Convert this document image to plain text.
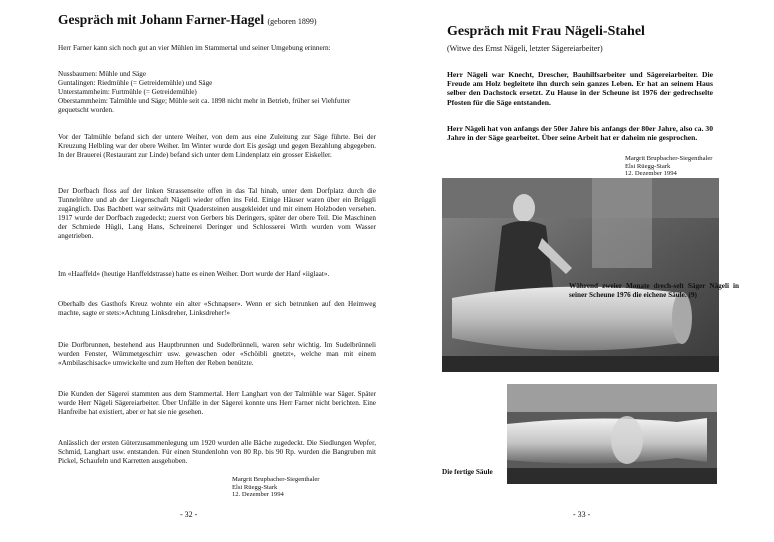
Gespräch mit Johann Farner-Hagel (geboren 1899)

Herr Farner kann sich noch gut an vier Mühlen im Stammertal und seiner Umgebung erinnern:

Nussbaumen: Mühle und Säge
Guntalingen: Riedmühle (= Getreidemühle) und Säge
Unterstammheim: Furtmühle (= Getreidemühle)
Oberstammheim: Talmühle und Säge; Mühle seit ca. 1898 nicht mehr in Betrieb, früher sei Viehfutter gequetscht worden.

Vor der Talmühle befand sich der untere Weiher, von dem aus eine Zuleitung zur Säge führte. Bei der Kreuzung Helbling war der obere Weiher. Im Winter wurde dort Eis gesägt und gegen Bezahlung abgegeben. In der Brauerei (Restaurant zur Linde) befand sich unter dem Lindenplatz ein grosser Eiskeller.

Der Dorfbach floss auf der linken Strassenseite offen in das Tal hinab, unter dem Dorfplatz durch die Tunnelröhre und ab der Liegenschaft Nägeli wieder offen ins Feld. Einige Häuser waren über ein Brüggli zugänglich. Das Bachbett war seitwärts mit Quadersteinen ausgekleidet und mit einem Holzboden versehen. 1917 wurde der Dorfbach zugedeckt; zuerst von Gerbers bis Deringers, später der obere Teil. Die Maschinen der Schmiede Hügli, Lang Hans, Schreinerei Deringer und Schlosserei Wirth wurden vom Wasser angetrieben.

Im «Haaffeld» (heutige Hanffeldstrasse) hatte es einen Weiher. Dort wurde der Hanf «iiglaat».

Oberhalb des Gasthofs Kreuz wohnte ein alter «Schnapser». Wenn er sich betrunken auf den Heimweg machte, sagte er stets:«Achtung Linksdreher, Linksdreher!»

Die Dorfbrunnen, bestehend aus Hauptbrunnen und Sudelbrünneli, waren sehr wichtig. Im Sudelbrünneli wurden Fenster, Wümmetgeschirr usw. gewaschen oder «Schöibli gnetzt», welche man mit einem «Ambilaschisack» umwickelte und zum Heften der Reben benützte.

Die Kunden der Sägerei stammten aus dem Stammertal. Herr Langhart von der Talmühle war Säger. Später wurde Herr Nägeli Sägereiarbeiter. Über Unfälle in der Sägerei konnte uns Herr Farner nicht berichten. Eine Hanfreibe hat existiert, aber er hat sie nie gesehen.

Anlässlich der ersten Güterzusammenlegung um 1920 wurden alle Bäche zugedeckt. Die Siedlungen Wepfer, Schmid, Langhart usw. entstanden. Für einen Stundenlohn von 80 Rp. bis 90 Rp. wurden die Bangruben mit Pickel, Schaufeln und Karretten ausgehoben.

Margrit Brupbacher-Siegenthaler
Elsi Rüegg-Stark
12. Dezember 1994
- 32 -
Gespräch mit Frau Nägeli-Stahel
(Witwe des Ernst Nägeli, letzter Sägereiarbeiter)

Herr Nägeli war Knecht, Drescher, Bauhilfsarbeiter und Sägereiarbeiter. Die Freude am Holz begleitete ihn durch sein ganzes Leben. Er hat an seinem Haus selber den Dachstock ersetzt. Zu Hause in der Scheune ist 1976 der gedrechselte Pfosten für die Säge entstanden.

Herr Nägeli hat von anfangs der 50er Jahre bis anfangs der 80er Jahre, also ca. 30 Jahre in der Säge gearbeitet. Über seine Arbeit hat er daheim nie gesprochen.

Margrit Brupbacher-Siegenthaler
Elsi Rüegg-Stark
12. Dezember 1994
Während zweier Monate drech-selt Säger Nägeli in seiner Scheune 1976 die eichene Säule. (9)
Die fertige Säule
- 33 -
